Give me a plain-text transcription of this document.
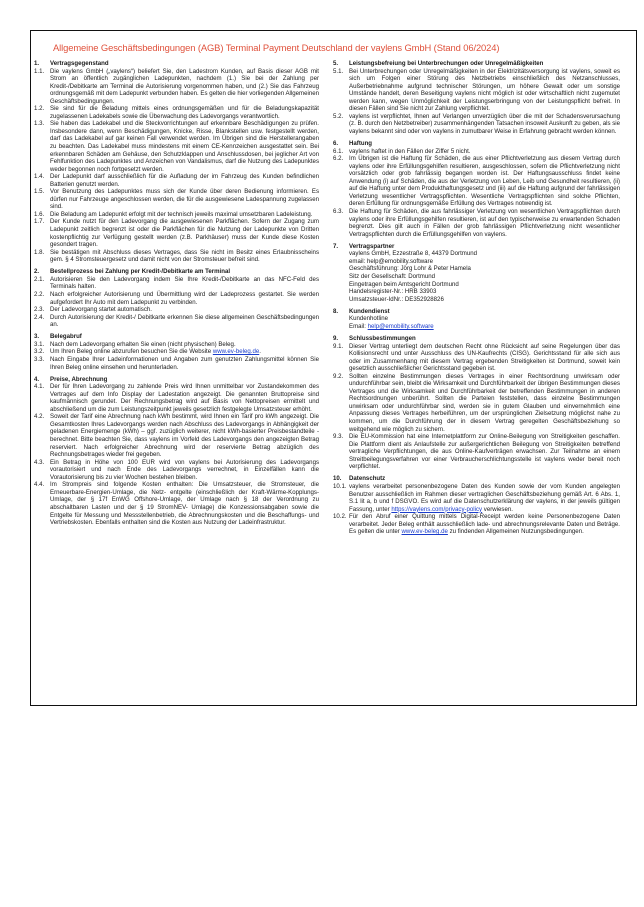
Allgemeine Geschäftsbedingungen (AGB) Terminal Payment Deutschland der vaylens GmbH (Stand 06/2024)
1.	Vertragsgegenstand
1.1. Die vaylens GmbH („vaylens“) beliefert Sie, den Ladestrom Kunden, auf Basis dieser AGB mit Strom an öffentlich zugänglichen Ladepunkten, nachdem (1.) Sie bei der Zahlung per Kredit-/Debitkarte am Terminal die Autorisierung vorgenommen haben, und (2.) Sie das Fahrzeug ordnungsgemäß mit dem Ladepunkt verbunden haben. Es gelten die hier vorliegenden Allgemeinen Geschäftsbedingungen.
1.2. Sie sind für die Beladung mittels eines ordnungsgemäßen und für die Beladungskapazität zugelassenen Ladekabels sowie die Überwachung des Ladevorgangs verantwortlich.
1.3. Sie haben das Ladekabel und die Steckvorrichtungen auf erkennbare Beschädigungen zu prüfen. Insbesondere dann, wenn Beschädigungen, Knicke, Risse, Blankstellen usw. festgestellt werden, darf das Ladekabel auf gar keinen Fall verwendet werden. Im Übrigen sind die Herstellerangaben zu beachten. Das Ladekabel muss mindestens mit einem CE-Kennzeichen ausgestattet sein. Bei erkennbaren Schäden am Gehäuse, den Schutzklappen und Anschlussdosen, bei jeglicher Art von Fehlfunktion des Ladepunktes und Anzeichen von Vandalismus, darf die Nutzung des Ladepunktes weder begonnen noch fortgesetzt werden.
1.4. Der Ladepunkt darf ausschließlich für die Aufladung der im Fahrzeug des Kunden befindlichen Batterien genutzt werden.
1.5. Vor Benutzung des Ladepunktes muss sich der Kunde über deren Bedienung informieren. Es dürfen nur Fahrzeuge angeschlossen werden, die für die ausgewiesene Ladespannung zugelassen sind.
1.6. Die Beladung am Ladepunkt erfolgt mit der technisch jeweils maximal umsetzbaren Ladeleistung.
1.7. Der Kunde nutzt für den Ladevorgang die ausgewiesenen Parkflächen. Sofern der Zugang zum Ladepunkt zeitlich begrenzt ist oder die Parkflächen für die Nutzung der Ladepunkte von Dritten kostenpflichtig zur Verfügung gestellt werden (z.B. Parkhäuser) muss der Kunde diese Kosten gesondert tragen.
1.8. Sie bestätigen mit Abschluss dieses Vertrages, dass Sie nicht im Besitz eines Erlaubnisscheins gem. § 4 Stromsteuergesetz und damit nicht von der Stromsteuer befreit sind.
2.	Bestellprozess bei Zahlung per Kredit-/Debitkarte am Terminal
2.1. Autorisieren Sie den Ladevorgang indem Sie Ihre Kredit-/Debitkarte an das NFC-Feld des Terminals halten.
2.2. Nach erfolgreicher Autorisierung und Übermittlung wird der Ladeprozess gestartet. Sie werden aufgefordert Ihr Auto mit dem Ladepunkt zu verbinden.
2.3. Der Ladevorgang startet automatisch.
2.4. Durch Autorisierung der Kredit-/ Debitkarte erkennen Sie diese allgemeinen Geschäftsbedingungen an.
3.	Belegabruf
3.1. Nach dem Ladevorgang erhalten Sie einen (nicht physischen) Beleg.
3.2. Um Ihren Beleg online abzurufen besuchen Sie die Website www.ev-beleg.de.
3.3. Nach Eingabe Ihrer Ladeinformationen und Angaben zum genutzten Zahlungsmittel können Sie Ihren Beleg online einsehen und herunterladen.
4.	Preise, Abrechnung
4.1. Der für Ihren Ladevorgang zu zahlende Preis wird Ihnen unmittelbar vor Zustandekommen des Vertrages auf dem Info Display der Ladestation angezeigt. Die genannten Bruttopreise sind kaufmännisch gerundet. Der Rechnungsbetrag wird auf Basis von Nettopreisen ermittelt und abschließend um die zum Leistungszeitpunkt jeweils gesetzlich festgelegte Umsatzsteuer erhöht.
4.2. Soweit der Tarif eine Abrechnung nach kWh bestimmt, wird Ihnen ein Tarif pro kWh angezeigt. Die Gesamtkosten Ihres Ladevorgangs werden nach Abschluss des Ladevorgangs in Abhängigkeit der geladenen Energiemenge (kWh) – ggf. zuzüglich weiterer, nicht kWh-basierter Preisbestandteile - berechnet. Bitte beachten Sie, dass vaylens im Vorfeld des Ladevorgangs den angezeigten Betrag reserviert. Nach erfolgreicher Abrechnung wird der reservierte Betrag abzüglich des Rechnungsbetrages wieder frei gegeben.
4.3. Ein Betrag in Höhe von 100 EUR wird von vaylens bei Autorisierung des Ladevorgangs vorautorisiert und nach Ende des Ladevorgangs verrechnet, in Einzelfällen kann die Vorautorisierung bis zu vier Wochen bestehen bleiben.
4.4. Im Strompreis sind folgende Kosten enthalten: Die Umsatzsteuer, die Stromsteuer, die Erneuerbare-Energien-Umlage, die Netz- entgelte (einschließlich der Kraft-Wärme-Kopplungs-Umlage, der § 17f EnWG Offshore-Umlage, der Umlage nach § 18 der Verordnung zu abschaltbaren Lasten und der § 19 StromNEV- Umlage) die Konzessionsabgaben sowie die Entgelte für Messung und Messstellenbetrieb, die Abrechnungskosten und die Beschaffungs- und Vertriebskosten. Ebenfalls enthalten sind die Kosten aus Nutzung der Ladeinfrastruktur.
5.	Leistungsbefreiung bei Unterbrechungen oder Unregelmäßigkeiten
5.1. Bei Unterbrechungen oder Unregelmäßigkeiten in der Elektrizitätsversorgung ist vaylens, soweit es sich um Folgen einer Störung des Netzbetriebs einschließlich des Netzanschlusses, Außerbetriebnahme aufgrund technischer Störungen, um höhere Gewalt oder um sonstige Umstände handelt, deren Beseitigung vaylens nicht möglich ist oder wirtschaftlich nicht zugemutet werden kann, wegen Unmöglichkeit der Leistungserbringung von der Leistungspflicht befreit. In diesen Fällen sind Sie nicht zur Zahlung verpflichtet.
5.2. vaylens ist verpflichtet, Ihnen auf Verlangen unverzüglich über die mit der Schadensverursachung (z. B. durch den Netzbetreiber) zusammenhängenden Tatsachen insoweit Auskunft zu geben, als sie vaylens bekannt sind oder von vaylens in zumutbarer Weise in Erfahrung gebracht werden können.
6.	Haftung
6.1. vaylens haftet in den Fällen der Ziffer 5 nicht.
6.2. Im Übrigen ist die Haftung für Schäden, die aus einer Pflichtverletzung aus diesem Vertrag durch vaylens oder ihre Erfüllungsgehilfen resultieren, ausgeschlossen, sofern die Pflichtverletzung nicht vorsätzlich oder grob fahrlässig begangen worden ist. Der Haftungsausschluss findet keine Anwendung (i) auf Schäden, die aus der Verletzung von Leben, Leib und Gesundheit resultieren, (ii) auf die Haftung unter dem Produkthaftungsgesetz und (iii) auf die Haftung aufgrund der fahrlässigen Verletzung wesentlicher Vertragspflichten. Wesentliche Vertragspflichten sind solche Pflichten, deren Erfüllung für ordnungsgemäße Erfüllung des Vertrages notwendig ist.
6.3. Die Haftung für Schäden, die aus fahrlässiger Verletzung von wesentlichen Vertragspflichten durch vaylens oder ihre Erfüllungsgehilfen resultieren, ist auf den typischerweise zu erwartenden Schaden begrenzt. Dies gilt auch in Fällen der grob fahrlässigen Pflichtverletzung nicht wesentlicher Vertragspflichten durch die Erfüllungsgehilfen von vaylens.
7.	Vertragspartner
vaylens GmbH, Ezzestraße 8, 44379 Dortmund
email: help@emobility.software
Geschäftsführung: Jörg Lohr & Peter Hamela
Sitz der Gesellschaft: Dortmund
Eingetragen beim Amtsgericht Dortmund
Handelsregister-Nr.: HRB 33903
Umsatzsteuer-IdNr.: DE352928826
8.	Kundendienst
Kundenhotline
Email: help@emobility.software
9.	Schlussbestimmungen
9.1. Dieser Vertrag unterliegt dem deutschen Recht ohne Rücksicht auf seine Regelungen über das Kollisionsrecht und unter Ausschluss des UN-Kaufrechts (CISG). Gerichtsstand für alle sich aus oder im Zusammenhang mit diesem Vertrag ergebenden Streitigkeiten ist Dortmund, soweit kein gesetzlich ausschließlicher Gerichtsstand gegeben ist.
9.2. Sollten einzelne Bestimmungen dieses Vertrages in einer Rechtsordnung unwirksam oder undurchführbar sein, bleibt die Wirksamkeit und Durchführbarkeit der übrigen Bestimmungen dieses Vertrages und die Wirksamkeit und Durchführbarkeit der betreffenden Bestimmungen in anderen Rechtsordnungen unberührt. Sollten die Parteien feststellen, dass einzelne Bestimmungen unwirksam oder undurchführbar sind, werden sie in gutem Glauben und einvernehmlich eine Anpassung dieses Vertrages herbeiführen, um der ursprünglichen Zielsetzung möglichst nahe zu kommen, um die Durchführung der in diesem Vertrag geregelten Geschäftsbeziehung so weitgehend wie möglich zu sichern.
9.3. Die EU-Kommission hat eine Internetplattform zur Online-Beilegung von Streitigkeiten geschaffen. Die Plattform dient als Anlaufstelle zur außergerichtlichen Beilegung von Streitigkeiten betreffend vertragliche Verpflichtungen, die aus Online-Kaufverträgen erwachsen. Zur Teilnahme an einem Streitbeilegungsverfahren vor einer Verbraucherschlichtungsstelle ist vaylens weder bereit noch verpflichtet.
10.	Datenschutz
10.1. vaylens verarbeitet personenbezogene Daten des Kunden sowie der vom Kunden angelegten Benutzer ausschließlich im Rahmen dieser vertraglichen Geschäftsbeziehung gemäß Art. 6 Abs. 1, S.1 lit a, b und f DSGVO. Es wird auf die Datenschutzerklärung der vaylens, in der jeweils gültigen Fassung, unter https://vaylens.com/privacy-policy verwiesen.
10.2. Für den Abruf einer Quittung mittels Digital-Receipt werden keine Personenbezogene Daten verarbeitet. Jeder Beleg enthält ausschließlich lade- und abrechnungsrelevante Daten und Beträge. Es gelten die unter www.ev-beleg.de zu findenden Allgemeinen Nutzungsbedingungen.
